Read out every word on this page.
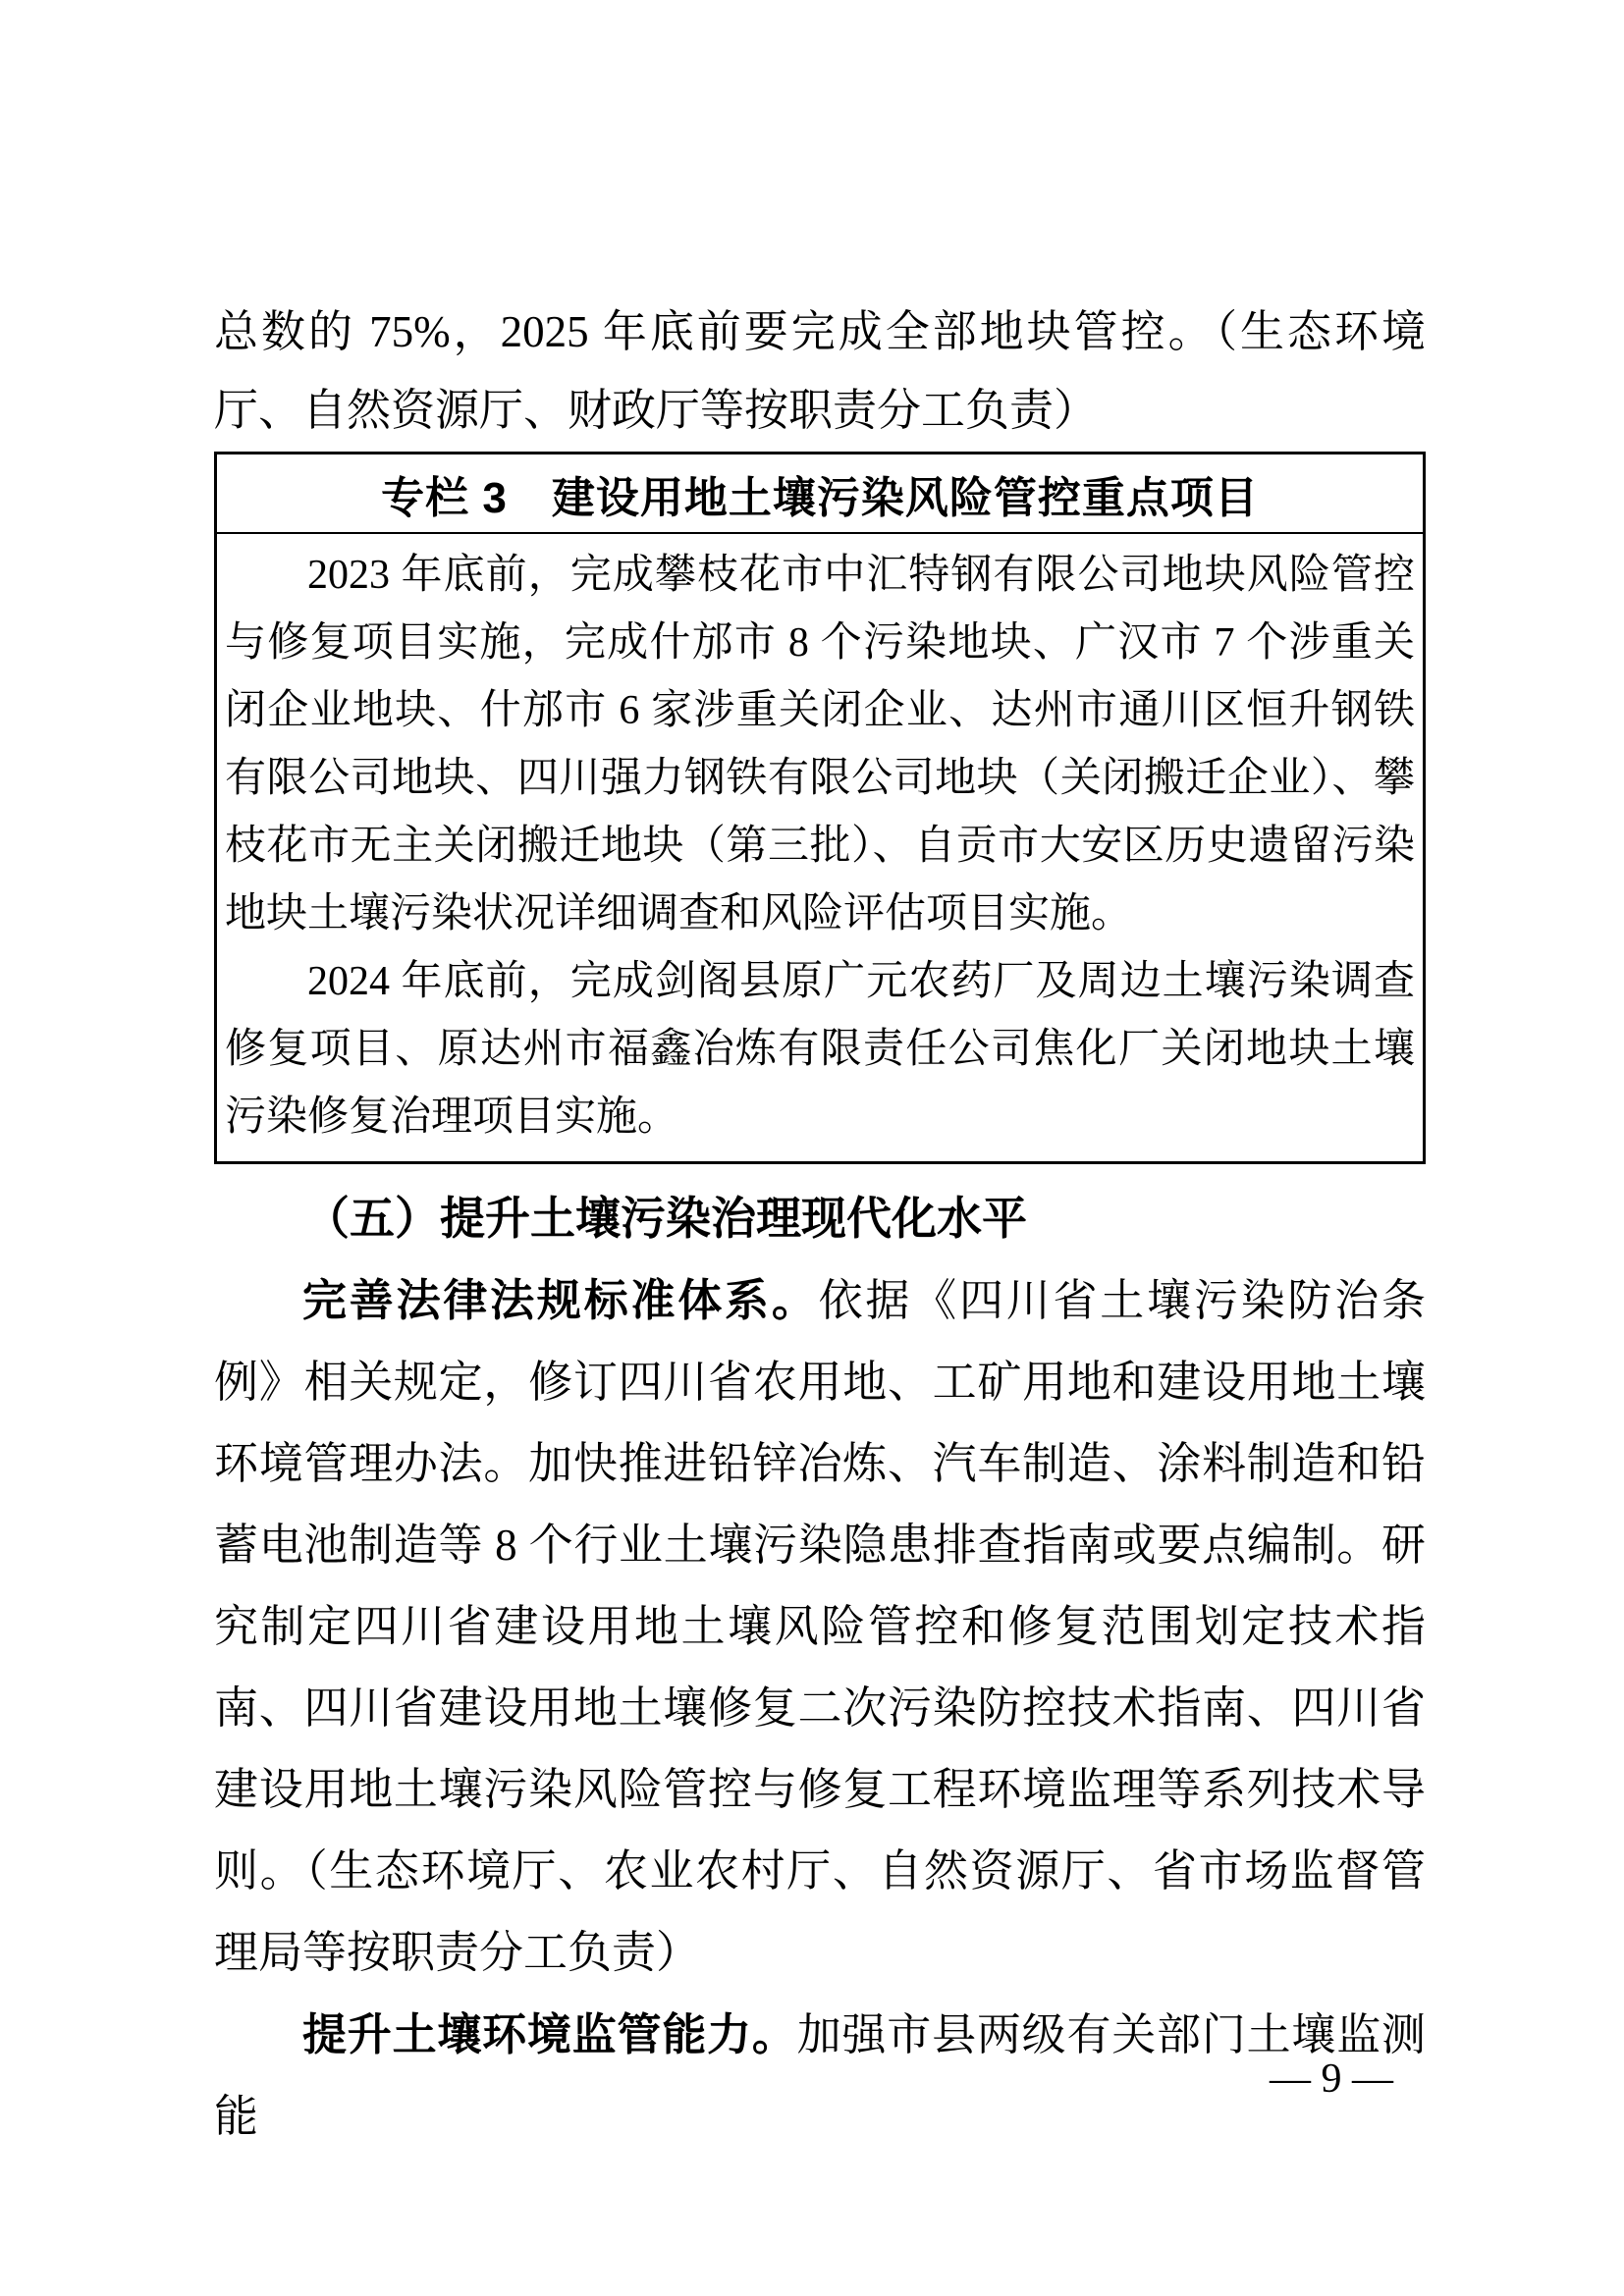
总数的 75%，2025 年底前要完成全部地块管控。（生态环境厅、自然资源厅、财政厅等按职责分工负责）

专栏 3　建设用地土壤污染风险管控重点项目

2023 年底前，完成攀枝花市中汇特钢有限公司地块风险管控与修复项目实施，完成什邡市 8 个污染地块、广汉市 7 个涉重关闭企业地块、什邡市 6 家涉重关闭企业、达州市通川区恒升钢铁有限公司地块、四川强力钢铁有限公司地块（关闭搬迁企业）、攀枝花市无主关闭搬迁地块（第三批）、自贡市大安区历史遗留污染地块土壤污染状况详细调查和风险评估项目实施。

2024 年底前，完成剑阁县原广元农药厂及周边土壤污染调查修复项目、原达州市福鑫冶炼有限责任公司焦化厂关闭地块土壤污染修复治理项目实施。

（五）提升土壤污染治理现代化水平

完善法律法规标准体系。依据《四川省土壤污染防治条例》相关规定，修订四川省农用地、工矿用地和建设用地土壤环境管理办法。加快推进铅锌冶炼、汽车制造、涂料制造和铅蓄电池制造等 8 个行业土壤污染隐患排查指南或要点编制。研究制定四川省建设用地土壤风险管控和修复范围划定技术指南、四川省建设用地土壤修复二次污染防控技术指南、四川省建设用地土壤污染风险管控与修复工程环境监理等系列技术导则。（生态环境厅、农业农村厅、自然资源厅、省市场监督管理局等按职责分工负责）

提升土壤环境监管能力。加强市县两级有关部门土壤监测能

— 9 —
